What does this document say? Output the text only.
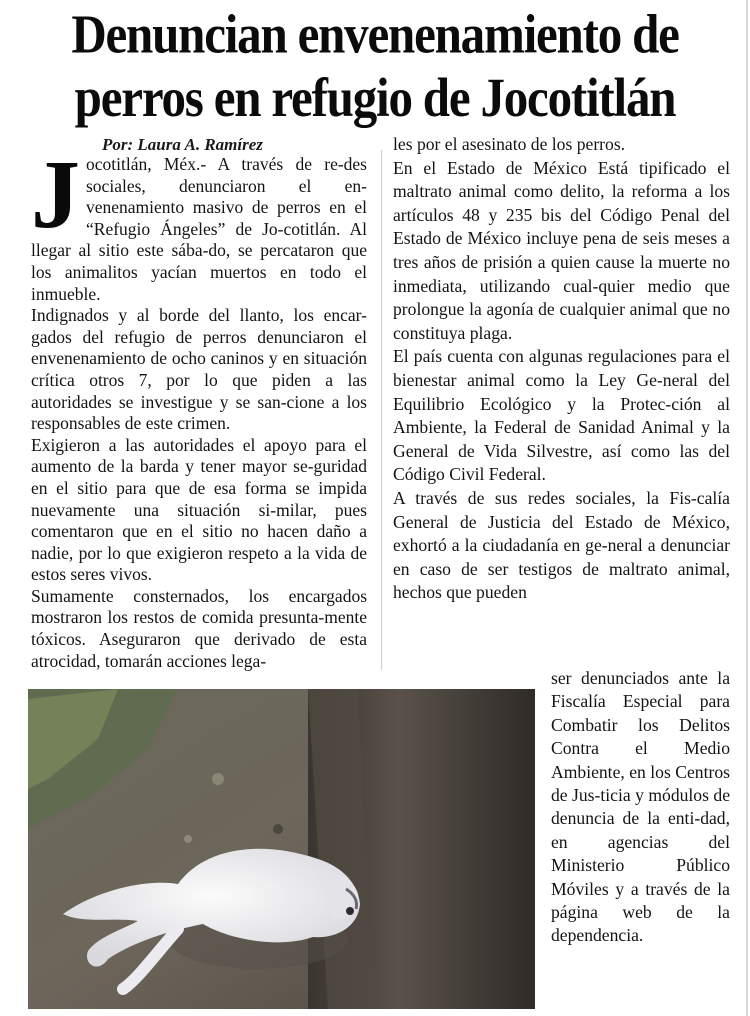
Denuncian envenenamiento de
perros en refugio de Jocotitlán
Por: Laura A. Ramírez

Jocotitlán, Méx.- A través de re-des sociales, denunciaron el en-venenamiento masivo de perros en el “Refugio Ángeles” de Jo-cotitlán. Al llegar al sitio este sába-do, se percataron que los animalitos yacían muertos en todo el inmueble.

Indignados y al borde del llanto, los encar-gados del refugio de perros denunciaron el envenenamiento de ocho caninos y en situación crítica otros 7, por lo que piden a las autoridades se investigue y se san-cione a los responsables de este crimen.

Exigieron a las autoridades el apoyo para el aumento de la barda y tener mayor se-guridad en el sitio para que de esa forma se impida nuevamente una situación si-milar, pues comentaron que en el sitio no hacen daño a nadie, por lo que exigieron respeto a la vida de estos seres vivos.

Sumamente consternados, los encargados mostraron los restos de comida presunta-mente tóxicos. Aseguraron que derivado de esta atrocidad, tomarán acciones lega-

les por el asesinato de los perros.

En el Estado de México Está tipificado el maltrato animal como delito, la reforma a los artículos 48 y 235 bis del Código Penal del Estado de México incluye pena de seis meses a tres años de prisión a quien cause la muerte no inmediata, utilizando cual-quier medio que prolongue la agonía de cualquier animal que no constituya plaga.

El país cuenta con algunas regulaciones para el bienestar animal como la Ley Ge-neral del Equilibrio Ecológico y la Protec-ción al Ambiente, la Federal de Sanidad Animal y la General de Vida Silvestre, así como las del Código Civil Federal.

A través de sus redes sociales, la Fis-calía General de Justicia del Estado de México, exhortó a la ciudadanía en ge-neral a denunciar en caso de ser testigos de maltrato animal, hechos que pueden

ser denunciados ante la Fiscalía Especial para Combatir los Delitos Contra el Medio Ambiente, en los Centros de Jus-ticia y módulos de denuncia de la enti-dad, en agencias del Ministerio Público Móviles y a través de la página web de la dependencia.
